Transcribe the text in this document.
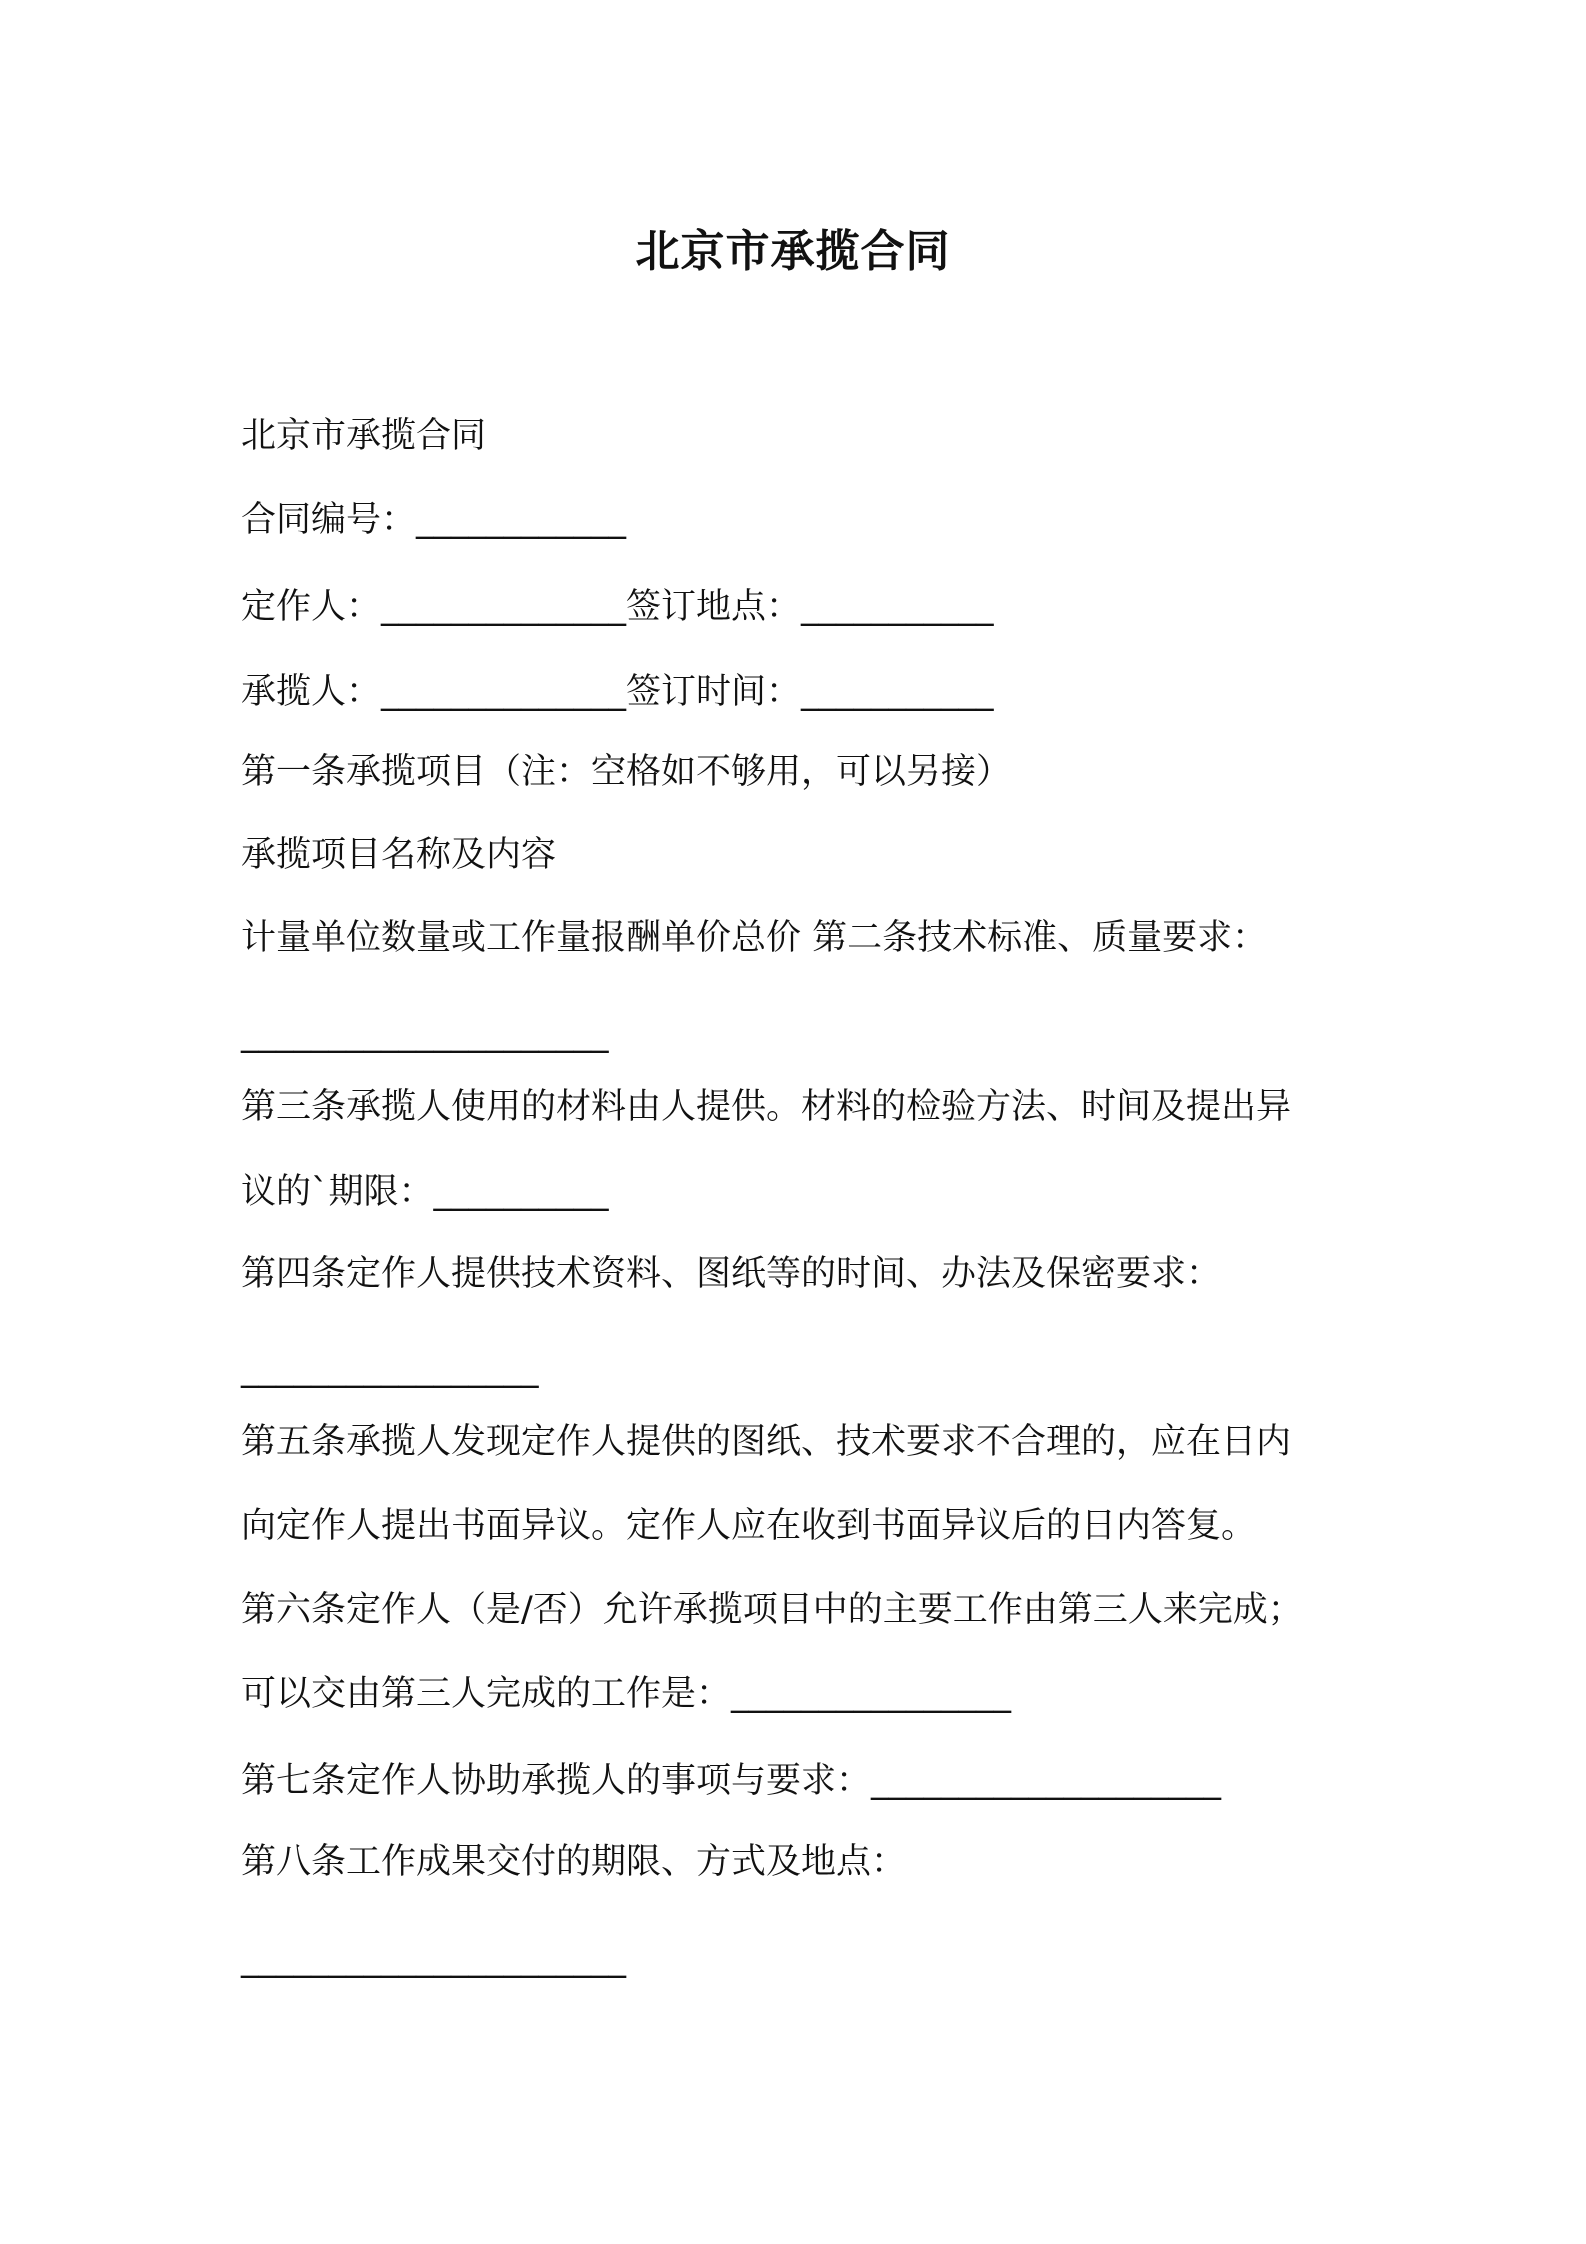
北京市承揽合同
北京市承揽合同
合同编号：____________
定作人：______________签订地点：___________
承揽人：______________签订时间：___________
第一条承揽项目（注：空格如不够用，可以另接）
承揽项目名称及内容
计量单位数量或工作量报酬单价总价 第二条技术标准、质量要求：
_____________________
第三条承揽人使用的材料由人提供。材料的检验方法、时间及提出异
议的`期限：__________
第四条定作人提供技术资料、图纸等的时间、办法及保密要求：
_________________
第五条承揽人发现定作人提供的图纸、技术要求不合理的，应在日内
向定作人提出书面异议。定作人应在收到书面异议后的日内答复。
第六条定作人（是/否）允许承揽项目中的主要工作由第三人来完成；
可以交由第三人完成的工作是：________________
第七条定作人协助承揽人的事项与要求：____________________
第八条工作成果交付的期限、方式及地点：
______________________
